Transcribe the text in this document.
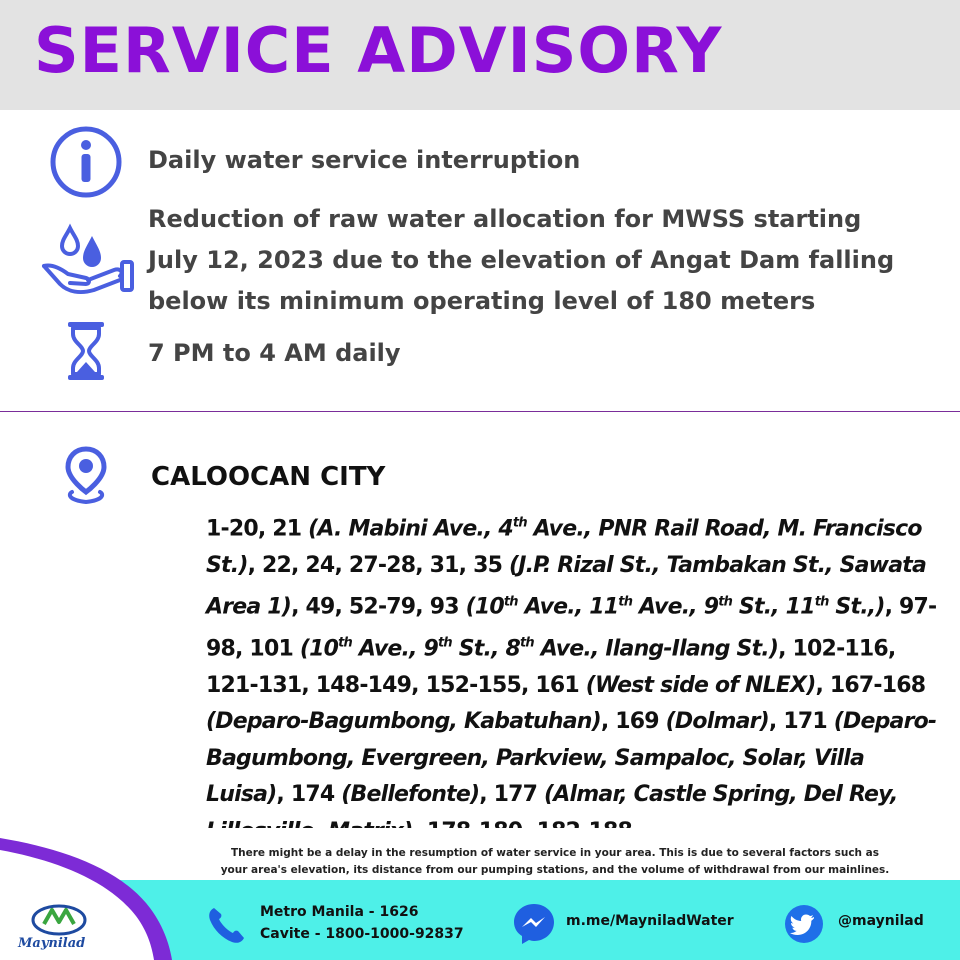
SERVICE ADVISORY
Daily water service interruption
Reduction of raw water allocation for MWSS starting
July 12, 2023 due to the elevation of Angat Dam falling
below its minimum operating level of 180 meters
7 PM to 4 AM daily
CALOOCAN CITY
1-20, 21 (A. Mabini Ave., 4th Ave., PNR Rail Road, M. Francisco St.), 22, 24, 27-28, 31, 35 (J.P. Rizal St., Tambakan St., Sawata Area 1), 49, 52-79, 93 (10th Ave., 11th Ave., 9th St., 11th St.,), 97-98, 101 (10th Ave., 9th St., 8th Ave., Ilang-Ilang St.), 102-116, 121-131, 148-149, 152-155, 161 (West side of NLEX), 167-168 (Deparo-Bagumbong, Kabatuhan), 169 (Dolmar), 171 (Deparo-Bagumbong, Evergreen, Parkview, Sampaloc, Solar, Villa Luisa), 174 (Bellefonte), 177 (Almar, Castle Spring, Del Rey,
Maynilad
There might be a delay in the resumption of water service in your area. This is due to several factors such as
your area's elevation, its distance from our pumping stations, and the volume of withdrawal from our mainlines.
Metro Manila - 1626
Cavite - 1800-1000-92837
m.me/MayniladWater	@maynilad
